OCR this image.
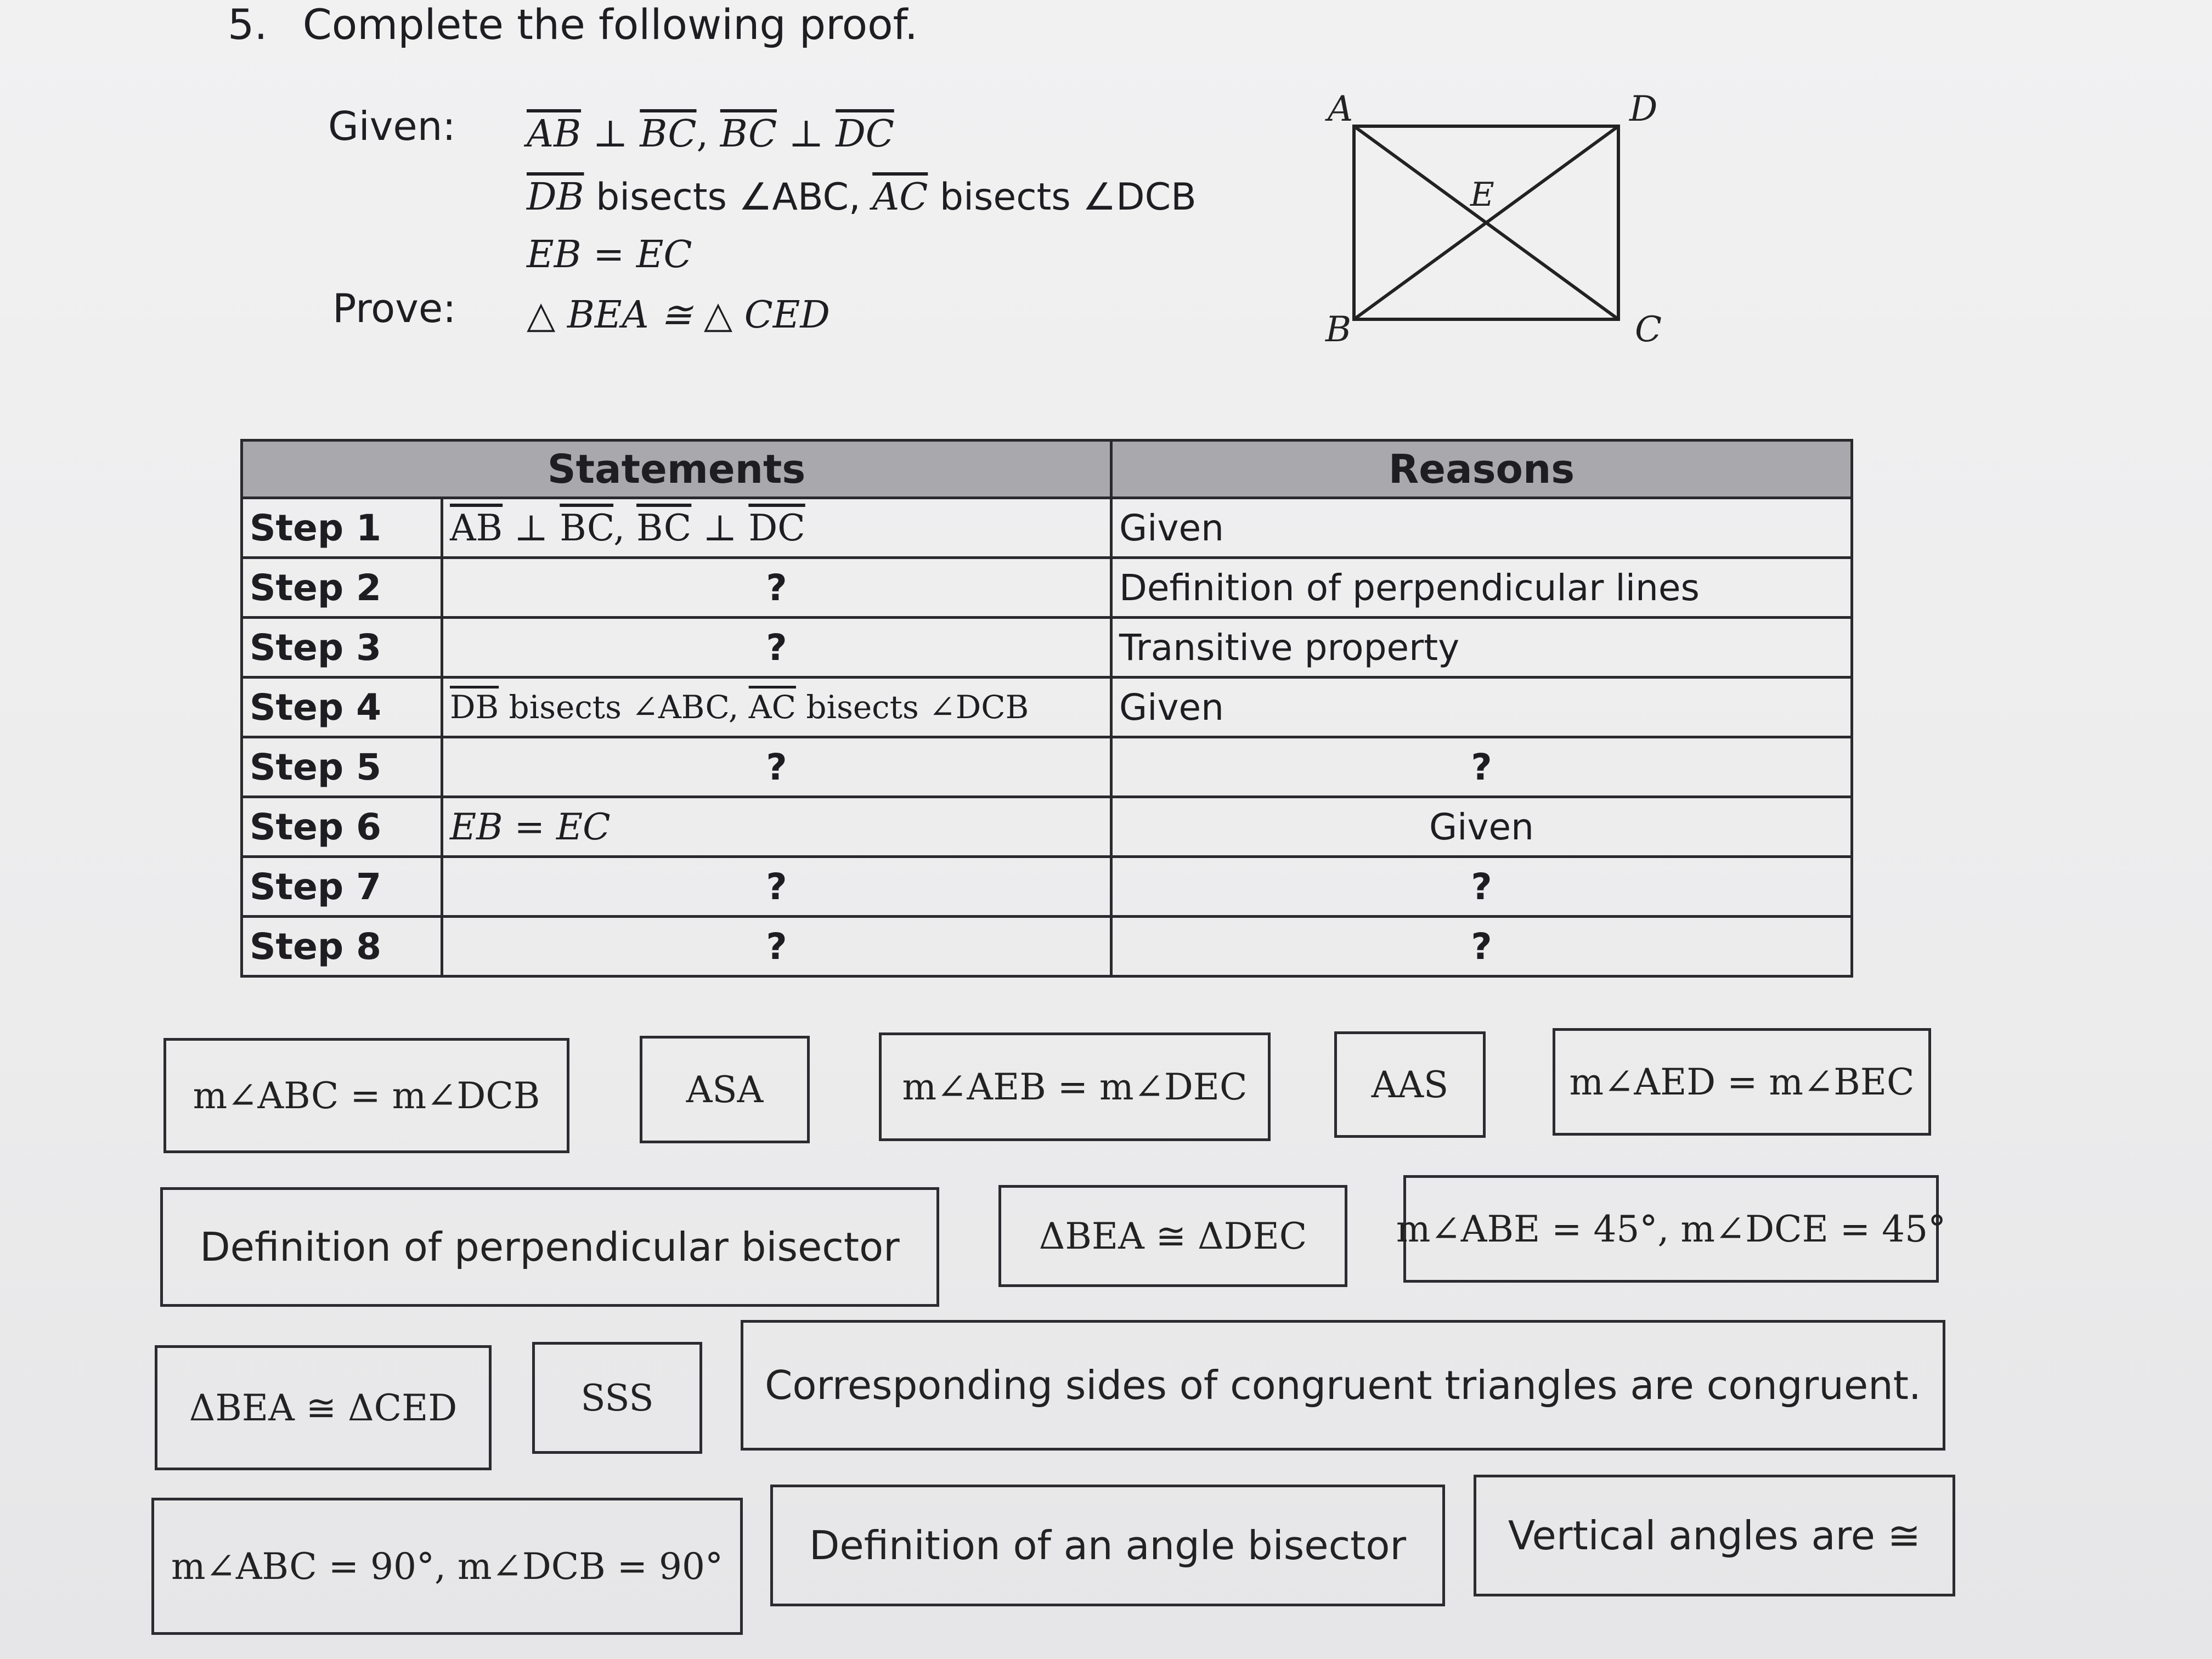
5. Complete the following proof.
Given: $\overline{AB}$ ⊥ $\overline{BC}$, $\overline{BC}$ ⊥ $\overline{DC}$
$\overline{DB}$ bisects ∠ABC, $\overline{AC}$ bisects ∠DCB
EB = EC
Prove: △ BEA ≅ △ CED
A	D
E
B	C
Statements		Reasons
Step 1	$\overline{AB}$ ⊥ $\overline{BC}$, $\overline{BC}$ ⊥ $\overline{DC}$	Given
Step 2	?	Definition of perpendicular lines
Step 3	?	Transitive property
Step 4	$\overline{DB}$ bisects ∠ABC, $\overline{AC}$ bisects ∠DCB	Given
Step 5	?	?
Step 6	EB = EC	Given
Step 7	?	?
Step 8	?	?
m∠ABC = m∠DCB	ASA	m∠AEB = m∠DEC	AAS	m∠AED = m∠BEC
Definition of perpendicular bisector	ΔBEA ≅ ΔDEC	m∠ABE = 45°, m∠DCE = 45°
ΔBEA ≅ ΔCED	SSS	Corresponding sides of congruent triangles are congruent.
m∠ABC = 90°, m∠DCB = 90°	Definition of an angle bisector	Vertical angles are ≅
